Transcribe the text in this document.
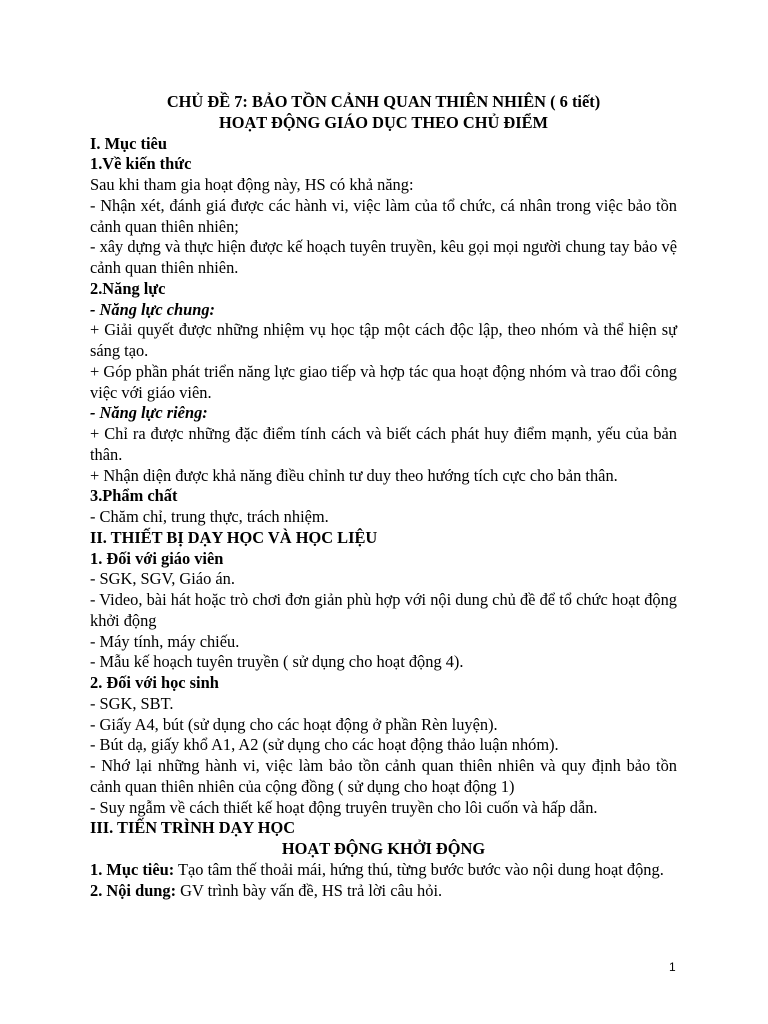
CHỦ ĐỀ 7: BẢO TỒN CẢNH QUAN THIÊN NHIÊN ( 6 tiết)

HOẠT ĐỘNG GIÁO DỤC THEO CHỦ ĐIỂM

I. Mục tiêu

1.Về kiến thức

Sau khi tham gia hoạt động này, HS có khả năng:

- Nhận xét, đánh giá được các hành vi, việc làm của tổ chức, cá nhân trong việc bảo tồn cảnh quan thiên nhiên;

- xây dựng và thực hiện được kế hoạch tuyên truyền, kêu gọi mọi người chung tay bảo vệ cảnh quan thiên nhiên.

2.Năng lực

- Năng lực chung:

+ Giải quyết được những nhiệm vụ học tập một cách độc lập, theo nhóm và thể hiện sự sáng tạo.

+ Góp phần phát triển năng lực giao tiếp và hợp tác qua hoạt động nhóm và trao đổi công việc với giáo viên.

- Năng lực riêng:

+ Chỉ ra được những đặc điểm tính cách và biết cách phát huy điểm mạnh, yếu của bản thân.

+ Nhận diện được khả năng điều chỉnh tư duy theo hướng tích cực cho bản thân.

3.Phẩm chất

- Chăm chỉ, trung thực, trách nhiệm.

II. THIẾT BỊ DẠY HỌC VÀ HỌC LIỆU

1. Đối với giáo viên

- SGK, SGV, Giáo án.

- Video, bài hát hoặc trò chơi đơn giản phù hợp với nội dung chủ đề để tổ chức hoạt động khởi động

- Máy tính, máy chiếu.

- Mẫu kế hoạch tuyên truyền ( sử dụng cho hoạt động 4).

2. Đối với học sinh

- SGK, SBT.

- Giấy A4, bút (sử dụng cho các hoạt động ở phần Rèn luyện).

- Bút dạ, giấy khổ A1, A2 (sử dụng cho các hoạt động thảo luận nhóm).

- Nhớ lại những hành vi, việc làm bảo tồn cảnh quan thiên nhiên và quy định bảo tồn cảnh quan thiên nhiên của cộng đồng ( sử dụng cho hoạt động 1)

- Suy ngẫm về cách thiết kế hoạt động truyên truyền cho lôi cuốn và hấp dẫn.

III. TIẾN TRÌNH DẠY HỌC

HOẠT ĐỘNG KHỞI ĐỘNG

1. Mục tiêu: Tạo tâm thế thoải mái, hứng thú, từng bước bước vào nội dung hoạt động.

2. Nội dung: GV trình bày vấn đề, HS trả lời câu hỏi.

1
